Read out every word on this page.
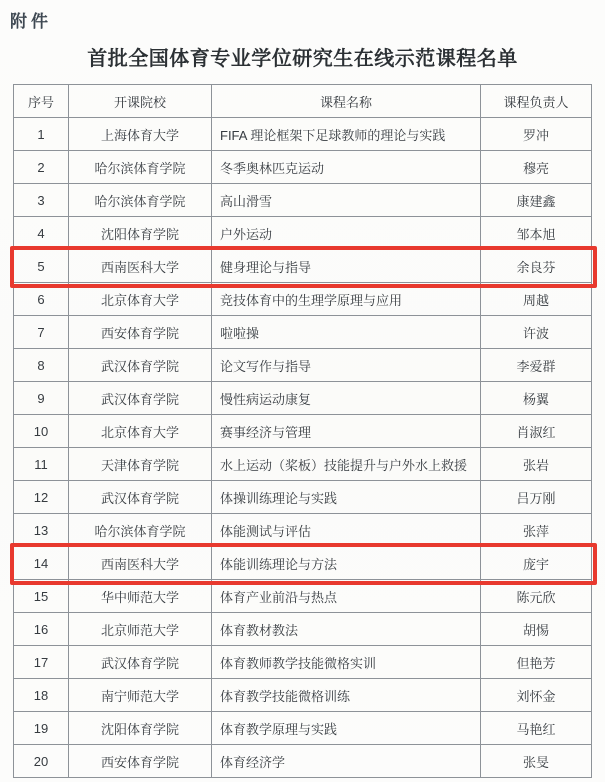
附件
首批全国体育专业学位研究生在线示范课程名单
序号	开课院校	课程名称	课程负责人
1	上海体育大学	FIFA 理论框架下足球教师的理论与实践	罗冲
2	哈尔滨体育学院	冬季奥林匹克运动	穆亮
3	哈尔滨体育学院	高山滑雪	康建鑫
4	沈阳体育学院	户外运动	邹本旭
5	西南医科大学	健身理论与指导	余良芬
6	北京体育大学	竞技体育中的生理学原理与应用	周越
7	西安体育学院	啦啦操	许波
8	武汉体育学院	论文写作与指导	李爱群
9	武汉体育学院	慢性病运动康复	杨翼
10	北京体育大学	赛事经济与管理	肖淑红
11	天津体育学院	水上运动（桨板）技能提升与户外水上救援	张岩
12	武汉体育学院	体操训练理论与实践	吕万刚
13	哈尔滨体育学院	体能测试与评估	张萍
14	西南医科大学	体能训练理论与方法	庞宇
15	华中师范大学	体育产业前沿与热点	陈元欣
16	北京师范大学	体育教材教法	胡惕
17	武汉体育学院	体育教师教学技能微格实训	但艳芳
18	南宁师范大学	体育教学技能微格训练	刘怀金
19	沈阳体育学院	体育教学原理与实践	马艳红
20	西安体育学院	体育经济学	张旻
